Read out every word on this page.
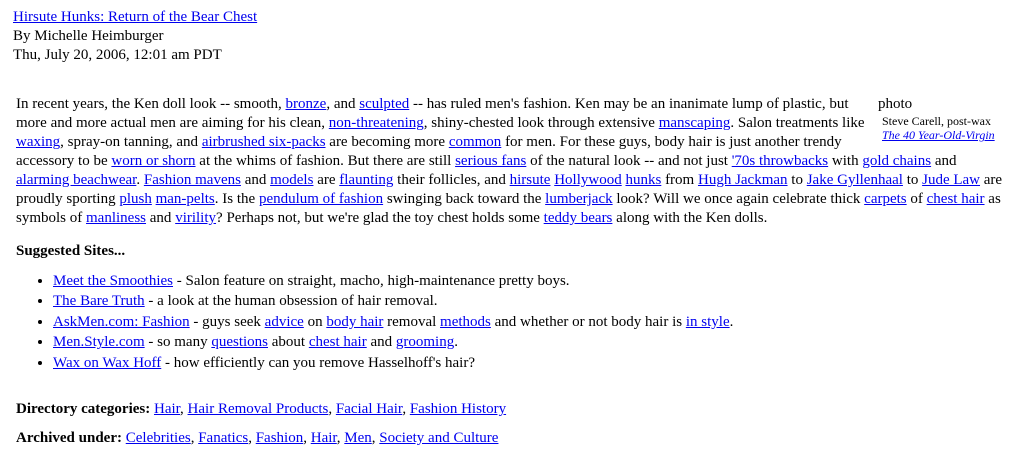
Hirsute Hunks: Return of the Bear Chest
By Michelle Heimburger
Thu, July 20, 2006, 12:01 am PDT
photo
Steve Carell, post-wax
The 40 Year-Old-Virgin
In recent years, the Ken doll look -- smooth, bronze, and sculpted -- has ruled men's fashion. Ken may be an inanimate lump of plastic, but more and more actual men are aiming for his clean, non-threatening, shiny-chested look through extensive manscaping. Salon treatments like waxing, spray-on tanning, and airbrushed six-packs are becoming more common for men. For these guys, body hair is just another trendy accessory to be worn or shorn at the whims of fashion. But there are still serious fans of the natural look -- and not just '70s throwbacks with gold chains and alarming beachwear. Fashion mavens and models are flaunting their follicles, and hirsute Hollywood hunks from Hugh Jackman to Jake Gyllenhaal to Jude Law are proudly sporting plush man-pelts. Is the pendulum of fashion swinging back toward the lumberjack look? Will we once again celebrate thick carpets of chest hair as symbols of manliness and virility? Perhaps not, but we're glad the toy chest holds some teddy bears along with the Ken dolls.
Suggested Sites...
• Meet the Smoothies - Salon feature on straight, macho, high-maintenance pretty boys.
• The Bare Truth - a look at the human obsession of hair removal.
• AskMen.com: Fashion - guys seek advice on body hair removal methods and whether or not body hair is in style.
• Men.Style.com - so many questions about chest hair and grooming.
• Wax on Wax Hoff - how efficiently can you remove Hasselhoff's hair?
Directory categories: Hair, Hair Removal Products, Facial Hair, Fashion History
Archived under: Celebrities, Fanatics, Fashion, Hair, Men, Society and Culture
